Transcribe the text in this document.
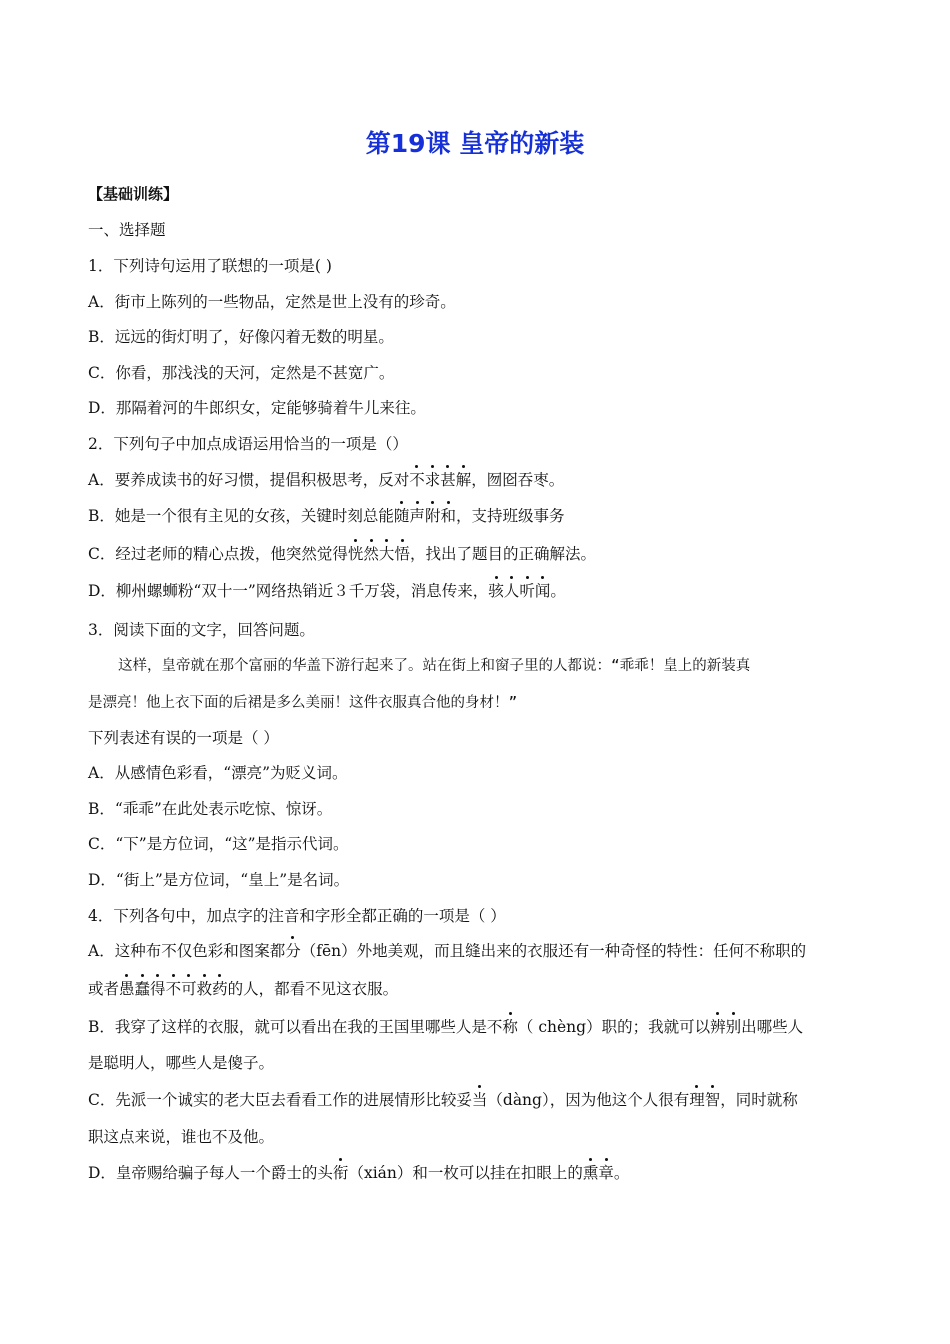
第19课 皇帝的新装
【基础训练】
一、选择题
1．下列诗句运用了联想的一项是( )
A．街市上陈列的一些物品，定然是世上没有的珍奇。
B．远远的街灯明了，好像闪着无数的明星。
C．你看，那浅浅的天河，定然是不甚宽广。
D．那隔着河的牛郎织女，定能够骑着牛儿来往。
2．下列句子中加点成语运用恰当的一项是（）
A．要养成读书的好习惯，提倡积极思考，反对不求甚解，囫囵吞枣。
B．她是一个很有主见的女孩，关键时刻总能随声附和，支持班级事务
C．经过老师的精心点拨，他突然觉得恍然大悟，找出了题目的正确解法。
D．柳州螺蛳粉“双十一”网络热销近３千万袋，消息传来，骇人听闻。
3．阅读下面的文字，回答问题。
这样，皇帝就在那个富丽的华盖下游行起来了。站在街上和窗子里的人都说：“乖乖！皇上的新装真
是漂亮！他上衣下面的后裙是多么美丽！这件衣服真合他的身材！”
下列表述有误的一项是（ ）
A．从感情色彩看，“漂亮”为贬义词。
B．“乖乖”在此处表示吃惊、惊讶。
C．“下”是方位词，“这”是指示代词。
D．“街上”是方位词，“皇上”是名词。
4．下列各句中，加点字的注音和字形全都正确的一项是（ ）
A．这种布不仅色彩和图案都分（fēn）外地美观，而且缝出来的衣服还有一种奇怪的特性：任何不称职的
或者愚蠢得不可救药的人，都看不见这衣服。
B．我穿了这样的衣服，就可以看出在我的王国里哪些人是不称（ chèng）职的；我就可以辨别出哪些人
是聪明人，哪些人是傻子。
C．先派一个诚实的老大臣去看看工作的进展情形比较妥当（dàng），因为他这个人很有理智，同时就称
职这点来说，谁也不及他。
D．皇帝赐给骗子每人一个爵士的头衔（xián）和一枚可以挂在扣眼上的熏章。
